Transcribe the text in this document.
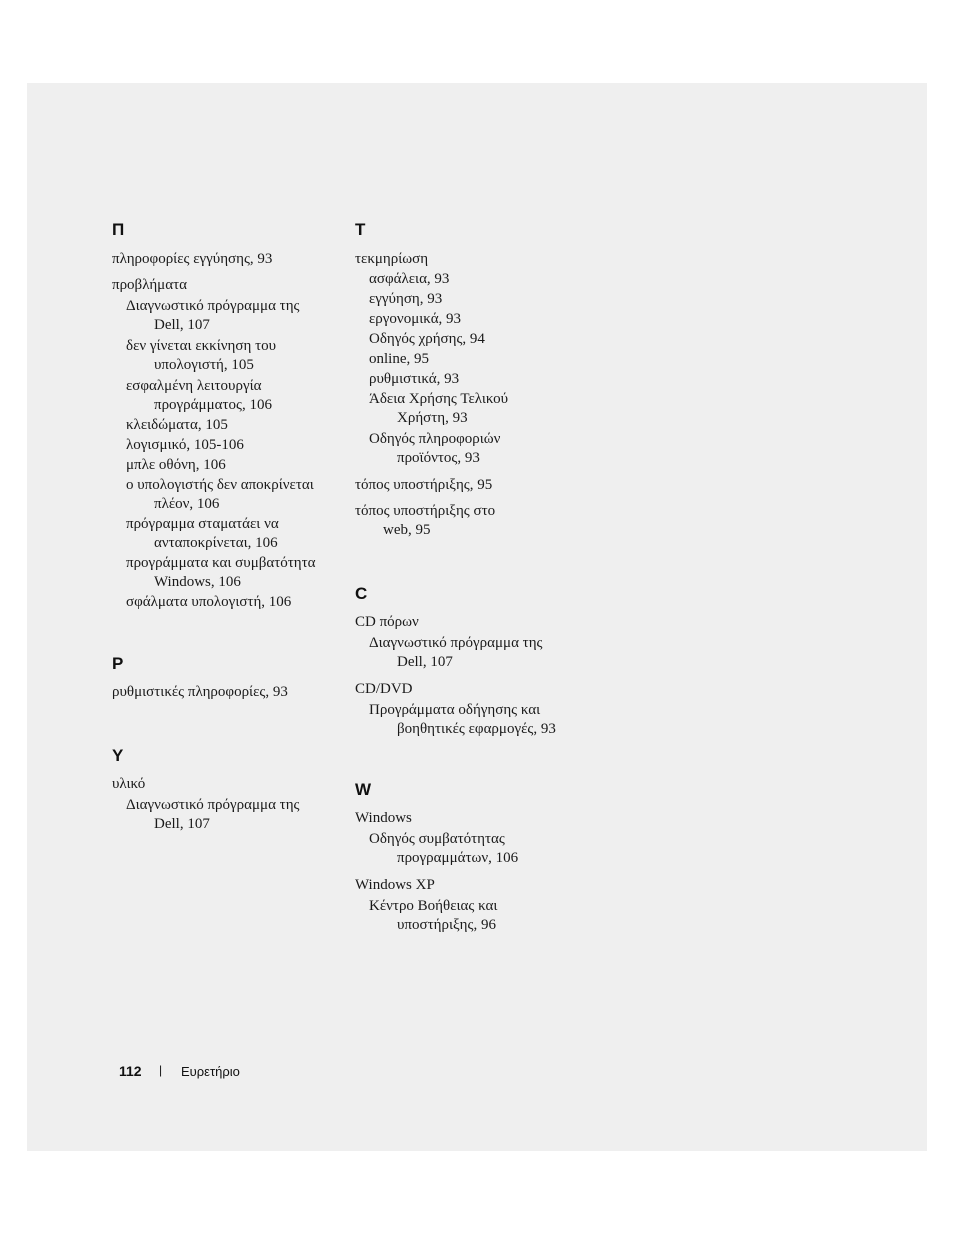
Π

πληροφορίες εγγύησης, 93

προβλήματα

Διαγνωστικό πρόγραμμα της
Dell, 107

δεν γίνεται εκκίνηση του
υπολογιστή, 105

εσφαλμένη λειτουργία
προγράμματος, 106

κλειδώματα, 105

λογισμικό, 105-106

μπλε οθόνη, 106

ο υπολογιστής δεν αποκρίνεται
πλέον, 106

πρόγραμμα σταματάει να
ανταποκρίνεται, 106

προγράμματα και συμβατότητα
Windows, 106

σφάλματα υπολογιστή, 106

Ρ

ρυθμιστικές πληροφορίες, 93

Υ

υλικό

Διαγνωστικό πρόγραμμα της
Dell, 107

Τ

τεκμηρίωση

ασφάλεια, 93

εγγύηση, 93

εργονομικά, 93

Οδηγός χρήσης, 94

online, 95

ρυθμιστικά, 93

Άδεια Χρήσης Τελικού
Χρήστη, 93

Οδηγός πληροφοριών
προϊόντος, 93

τόπος υποστήριξης, 95

τόπος υποστήριξης στο
web, 95

C

CD πόρων

Διαγνωστικό πρόγραμμα της
Dell, 107

CD/DVD

Προγράμματα οδήγησης και
βοηθητικές εφαρμογές, 93

W

Windows

Οδηγός συμβατότητας
προγραμμάτων, 106

Windows XP

Κέντρο Βοήθειας και
υποστήριξης, 96

112 | Ευρετήριο
